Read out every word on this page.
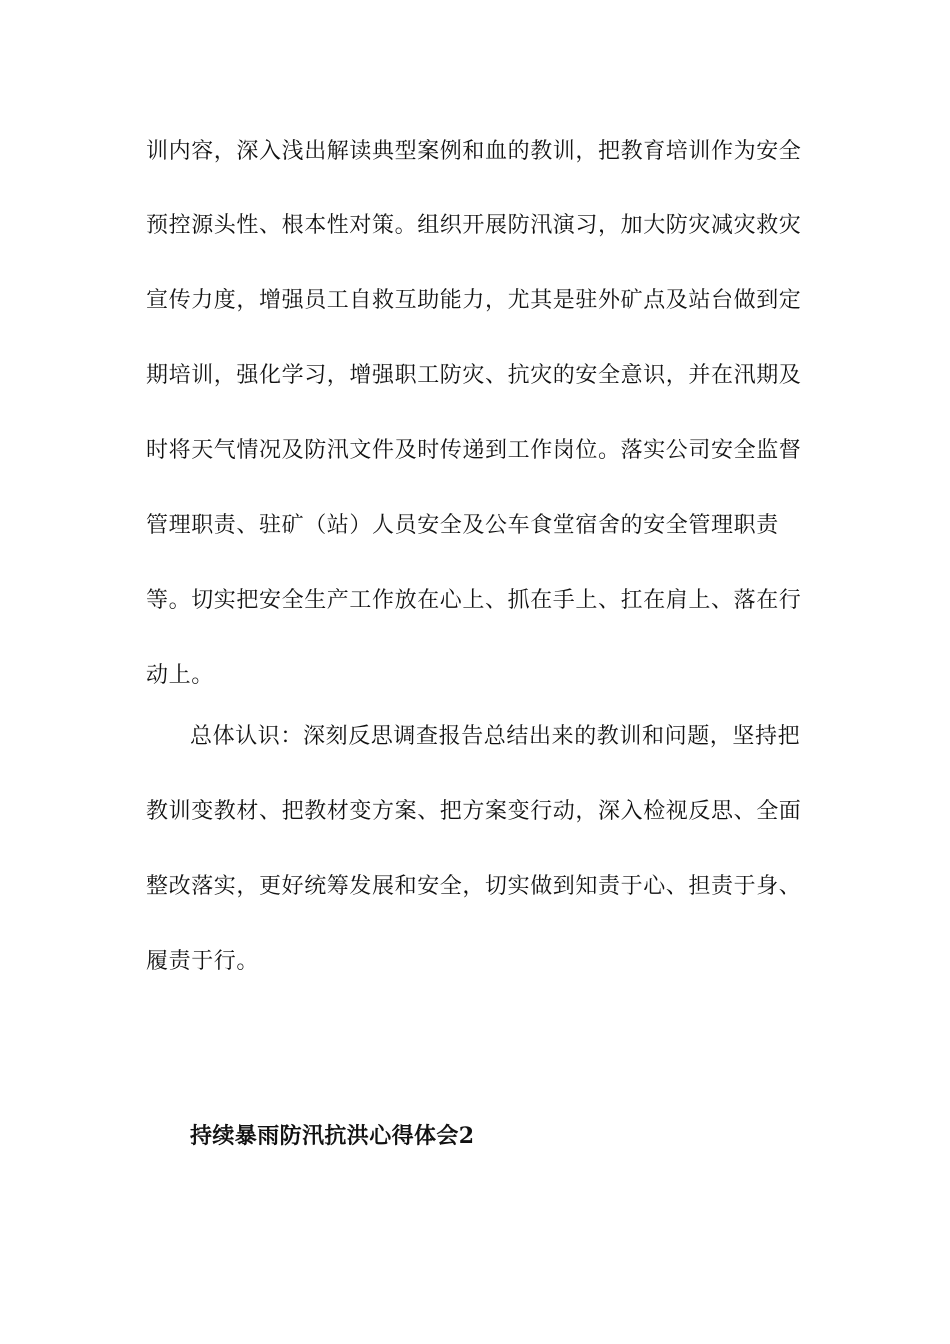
训内容，深入浅出解读典型案例和血的教训，把教育培训作为安全
预控源头性、根本性对策。组织开展防汛演习，加大防灾减灾救灾
宣传力度，增强员工自救互助能力，尤其是驻外矿点及站台做到定
期培训，强化学习，增强职工防灾、抗灾的安全意识，并在汛期及
时将天气情况及防汛文件及时传递到工作岗位。落实公司安全监督
管理职责、驻矿（站）人员安全及公车食堂宿舍的安全管理职责
等。切实把安全生产工作放在心上、抓在手上、扛在肩上、落在行
动上。
总体认识：深刻反思调查报告总结出来的教训和问题，坚持把
教训变教材、把教材变方案、把方案变行动，深入检视反思、全面
整改落实，更好统筹发展和安全，切实做到知责于心、担责于身、
履责于行。
持续暴雨防汛抗洪心得体会2
